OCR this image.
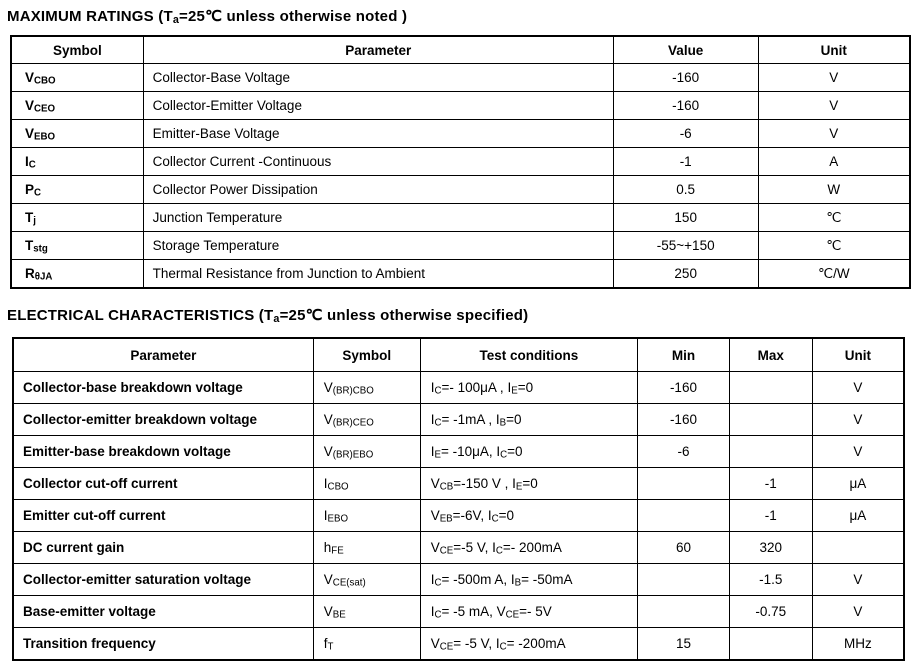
MAXIMUM RATINGS ($T_a=25℃$ unless otherwise noted )
Symbol	Parameter	Value	Unit
$V_{CBO}$	Collector-Base Voltage	-160	V
$V_{CEO}$	Collector-Emitter Voltage	-160	V
$V_{EBO}$	Emitter-Base Voltage	-6	V
$I_C$	Collector Current -Continuous	-1	A
$P_C$	Collector Power Dissipation	0.5	W
$T_j$	Junction Temperature	150	℃
$T_{stg}$	Storage Temperature	-55~+150	℃
$R_{\theta JA}$	Thermal Resistance from Junction to Ambient	250	℃/W
ELECTRICAL CHARACTERISTICS ($T_a=25℃$ unless otherwise specified)
Parameter	Symbol	Test conditions	Min	Max	Unit
Collector-base breakdown voltage	$V_{(BR)CBO}$	$I_C=-$ 100μA , $I_E=0$	-160		V
Collector-emitter breakdown voltage	$V_{(BR)CEO}$	$I_C= -1mA$ , $I_B=0$	-160		V
Emitter-base breakdown voltage	$V_{(BR)EBO}$	$I_E= -10\mu A$, $I_C=0$	-6		V
Collector cut-off current	$I_{CBO}$	$V_{CB}=-150$ V , $I_E=0$		-1	μA
Emitter cut-off current	$I_{EBO}$	$V_{EB}=-6V$, $I_C=0$		-1	μA
DC current gain	$h_{FE}$	$V_{CE}=-5$ V, $I_C=-$ 200mA	60	320	
Collector-emitter saturation voltage	$V_{CE(sat)}$	$I_C= -500m$ A, $I_B= -50mA$		-1.5	V
Base-emitter voltage	$V_{BE}$	$I_C= -5$ mA, $V_{CE}=-$ 5V		-0.75	V
Transition frequency	$f_T$	$V_{CE}= -5$ V, $I_C= -200mA$	15		MHz
